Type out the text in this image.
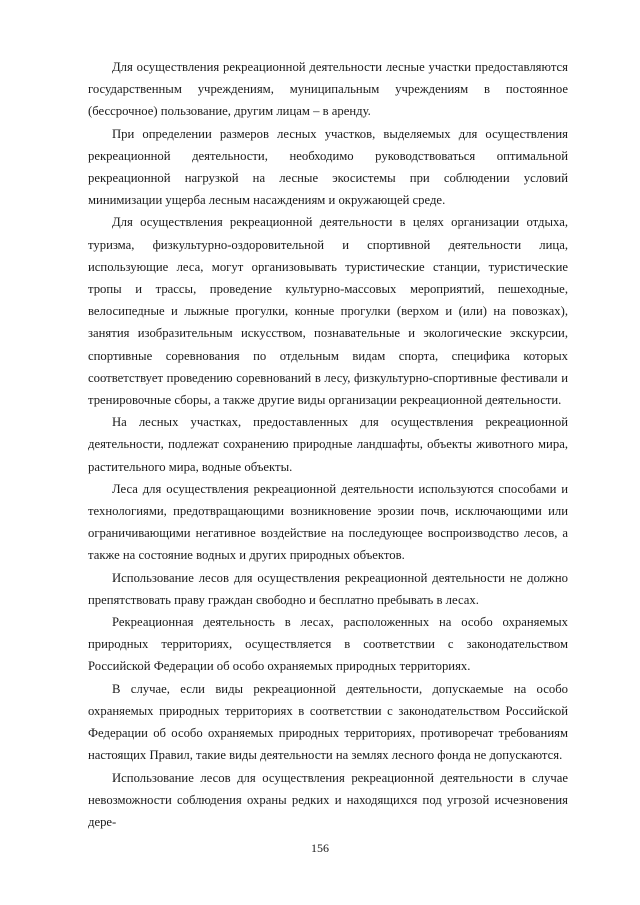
Для осуществления рекреационной деятельности лесные участки предоставляются государственным учреждениям, муниципальным учреждениям в постоянное (бессрочное) пользование, другим лицам – в аренду.

При определении размеров лесных участков, выделяемых для осуществления рекреационной деятельности, необходимо руководствоваться оптимальной рекреационной нагрузкой на лесные экосистемы при соблюдении условий минимизации ущерба лесным насаждениям и окружающей среде.

Для осуществления рекреационной деятельности в целях организации отдыха, туризма, физкультурно-оздоровительной и спортивной деятельности лица, использующие леса, могут организовывать туристические станции, туристические тропы и трассы, проведение культурно-массовых мероприятий, пешеходные, велосипедные и лыжные прогулки, конные прогулки (верхом и (или) на повозках), занятия изобразительным искусством, познавательные и экологические экскурсии, спортивные соревнования по отдельным видам спорта, специфика которых соответствует проведению соревнований в лесу, физкультурно-спортивные фестивали и тренировочные сборы, а также другие виды организации рекреационной деятельности.

На лесных участках, предоставленных для осуществления рекреационной деятельности, подлежат сохранению природные ландшафты, объекты животного мира, растительного мира, водные объекты.

Леса для осуществления рекреационной деятельности используются способами и технологиями, предотвращающими возникновение эрозии почв, исключающими или ограничивающими негативное воздействие на последующее воспроизводство лесов, а также на состояние водных и других природных объектов.

Использование лесов для осуществления рекреационной деятельности не должно препятствовать праву граждан свободно и бесплатно пребывать в лесах.

Рекреационная деятельность в лесах, расположенных на особо охраняемых природных территориях, осуществляется в соответствии с законодательством Российской Федерации об особо охраняемых природных территориях.

В случае, если виды рекреационной деятельности, допускаемые на особо охраняемых природных территориях в соответствии с законодательством Российской Федерации об особо охраняемых природных территориях, противоречат требованиям настоящих Правил, такие виды деятельности на землях лесного фонда не допускаются.

Использование лесов для осуществления рекреационной деятельности в случае невозможности соблюдения охраны редких и находящихся под угрозой исчезновения дере-

156
